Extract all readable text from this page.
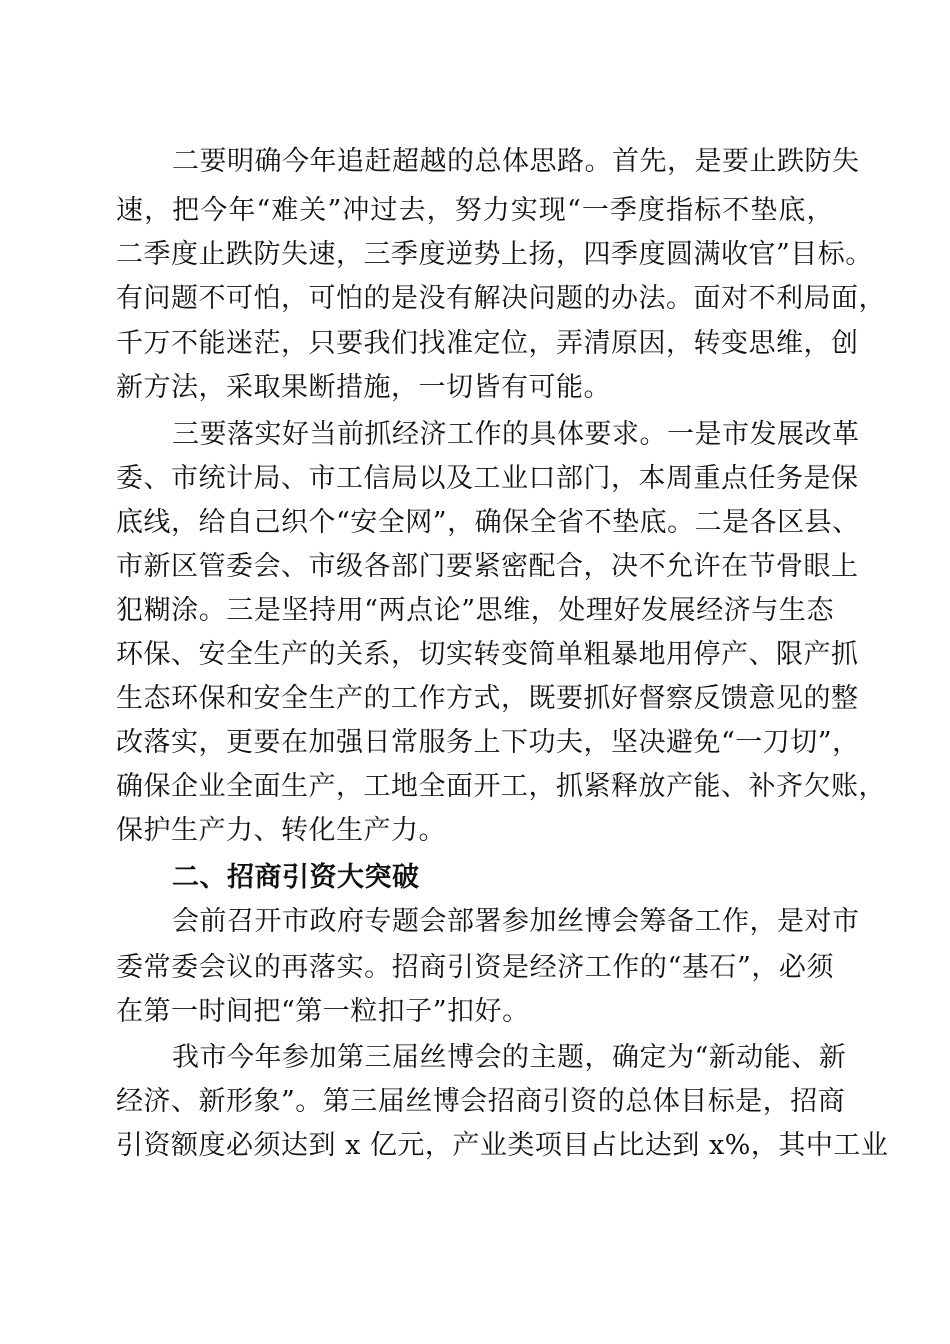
二要明确今年追赶超越的总体思路。首先，是要止跌防失
速，把今年“难关”冲过去，努力实现“一季度指标不垫底，
二季度止跌防失速，三季度逆势上扬，四季度圆满收官”目标。
有问题不可怕，可怕的是没有解决问题的办法。面对不利局面，
千万不能迷茫，只要我们找准定位，弄清原因，转变思维，创
新方法，采取果断措施，一切皆有可能。
三要落实好当前抓经济工作的具体要求。一是市发展改革
委、市统计局、市工信局以及工业口部门，本周重点任务是保
底线，给自己织个“安全网”，确保全省不垫底。二是各区县、
市新区管委会、市级各部门要紧密配合，决不允许在节骨眼上
犯糊涂。三是坚持用“两点论”思维，处理好发展经济与生态
环保、安全生产的关系，切实转变简单粗暴地用停产、限产抓
生态环保和安全生产的工作方式，既要抓好督察反馈意见的整
改落实，更要在加强日常服务上下功夫，坚决避免“一刀切”，
确保企业全面生产，工地全面开工，抓紧释放产能、补齐欠账，
保护生产力、转化生产力。
二、招商引资大突破
会前召开市政府专题会部署参加丝博会筹备工作，是对市
委常委会议的再落实。招商引资是经济工作的“基石”，必须
在第一时间把“第一粒扣子”扣好。
我市今年参加第三届丝博会的主题，确定为“新动能、新
经济、新形象”。第三届丝博会招商引资的总体目标是，招商
引资额度必须达到 x 亿元，产业类项目占比达到 x%，其中工业
